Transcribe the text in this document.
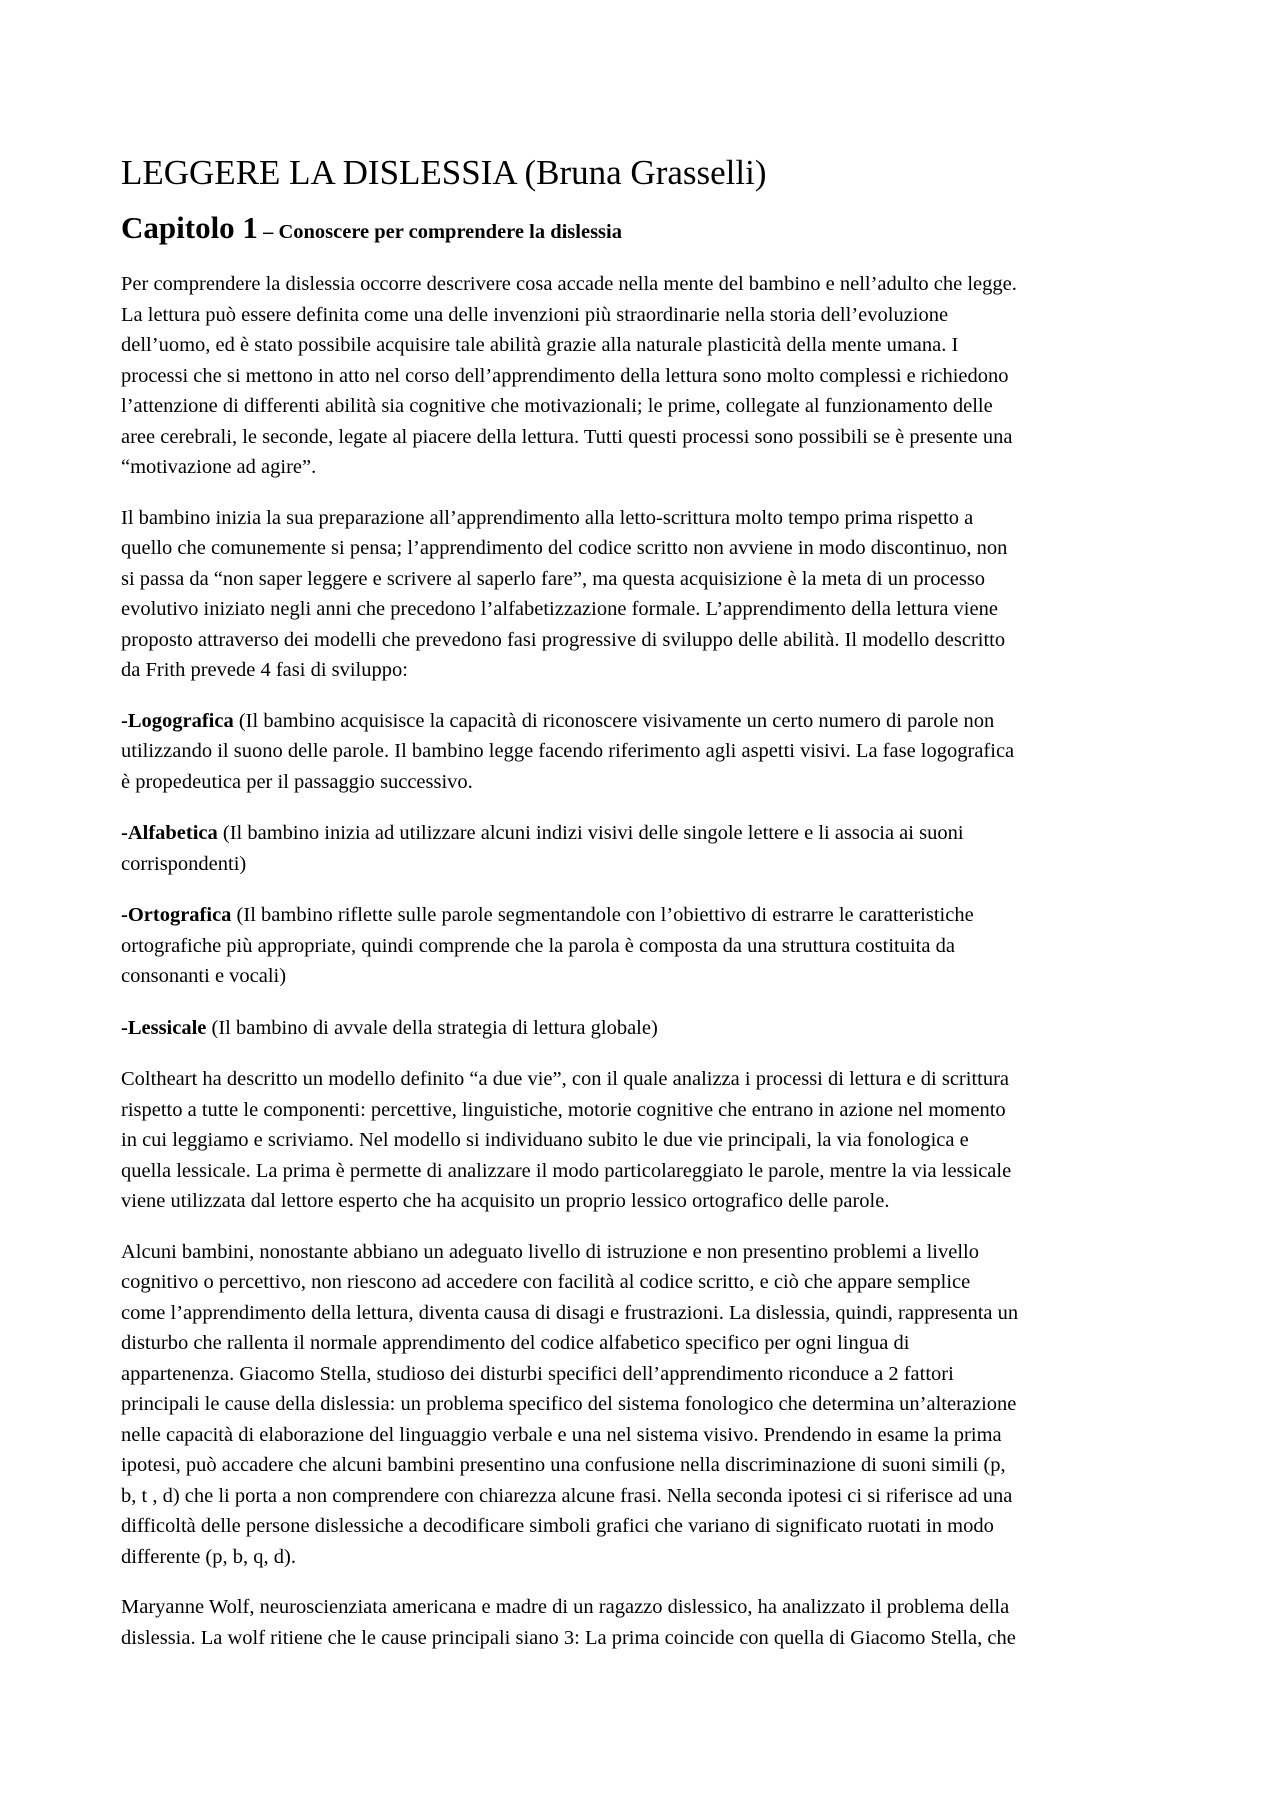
LEGGERE LA DISLESSIA (Bruna Grasselli)
Capitolo 1 – Conoscere per comprendere la dislessia

Per comprendere la dislessia occorre descrivere cosa accade nella mente del bambino e nell’adulto che legge.
La lettura può essere definita come una delle invenzioni più straordinarie nella storia dell’evoluzione
dell’uomo, ed è stato possibile acquisire tale abilità grazie alla naturale plasticità della mente umana. I
processi che si mettono in atto nel corso dell’apprendimento della lettura sono molto complessi e richiedono
l’attenzione di differenti abilità sia cognitive che motivazionali; le prime, collegate al funzionamento delle
aree cerebrali, le seconde, legate al piacere della lettura. Tutti questi processi sono possibili se è presente una
“motivazione ad agire”.

Il bambino inizia la sua preparazione all’apprendimento alla letto-scrittura molto tempo prima rispetto a
quello che comunemente si pensa; l’apprendimento del codice scritto non avviene in modo discontinuo, non
si passa da “non saper leggere e scrivere al saperlo fare”, ma questa acquisizione è la meta di un processo
evolutivo iniziato negli anni che precedono l’alfabetizzazione formale. L’apprendimento della lettura viene
proposto attraverso dei modelli che prevedono fasi progressive di sviluppo delle abilità. Il modello descritto
da Frith prevede 4 fasi di sviluppo:

-Logografica (Il bambino acquisisce la capacità di riconoscere visivamente un certo numero di parole non
utilizzando il suono delle parole. Il bambino legge facendo riferimento agli aspetti visivi. La fase logografica
è propedeutica per il passaggio successivo.

-Alfabetica (Il bambino inizia ad utilizzare alcuni indizi visivi delle singole lettere e li associa ai suoni
corrispondenti)

-Ortografica (Il bambino riflette sulle parole segmentandole con l’obiettivo di estrarre le caratteristiche
ortografiche più appropriate, quindi comprende che la parola è composta da una struttura costituita da
consonanti e vocali)

-Lessicale (Il bambino di avvale della strategia di lettura globale)

Coltheart ha descritto un modello definito “a due vie”, con il quale analizza i processi di lettura e di scrittura
rispetto a tutte le componenti: percettive, linguistiche, motorie cognitive che entrano in azione nel momento
in cui leggiamo e scriviamo. Nel modello si individuano subito le due vie principali, la via fonologica e
quella lessicale. La prima è permette di analizzare il modo particolareggiato le parole, mentre la via lessicale
viene utilizzata dal lettore esperto che ha acquisito un proprio lessico ortografico delle parole.

Alcuni bambini, nonostante abbiano un adeguato livello di istruzione e non presentino problemi a livello
cognitivo o percettivo, non riescono ad accedere con facilità al codice scritto, e ciò che appare semplice
come l’apprendimento della lettura, diventa causa di disagi e frustrazioni. La dislessia, quindi, rappresenta un
disturbo che rallenta il normale apprendimento del codice alfabetico specifico per ogni lingua di
appartenenza. Giacomo Stella, studioso dei disturbi specifici dell’apprendimento riconduce a 2 fattori
principali le cause della dislessia: un problema specifico del sistema fonologico che determina un’alterazione
nelle capacità di elaborazione del linguaggio verbale e una nel sistema visivo. Prendendo in esame la prima
ipotesi, può accadere che alcuni bambini presentino una confusione nella discriminazione di suoni simili (p,
b, t , d) che li porta a non comprendere con chiarezza alcune frasi. Nella seconda ipotesi ci si riferisce ad una
difficoltà delle persone dislessiche a decodificare simboli grafici che variano di significato ruotati in modo
differente (p, b, q, d).

Maryanne Wolf, neuroscienziata americana e madre di un ragazzo dislessico, ha analizzato il problema della
dislessia. La wolf ritiene che le cause principali siano 3: La prima coincide con quella di Giacomo Stella, che
